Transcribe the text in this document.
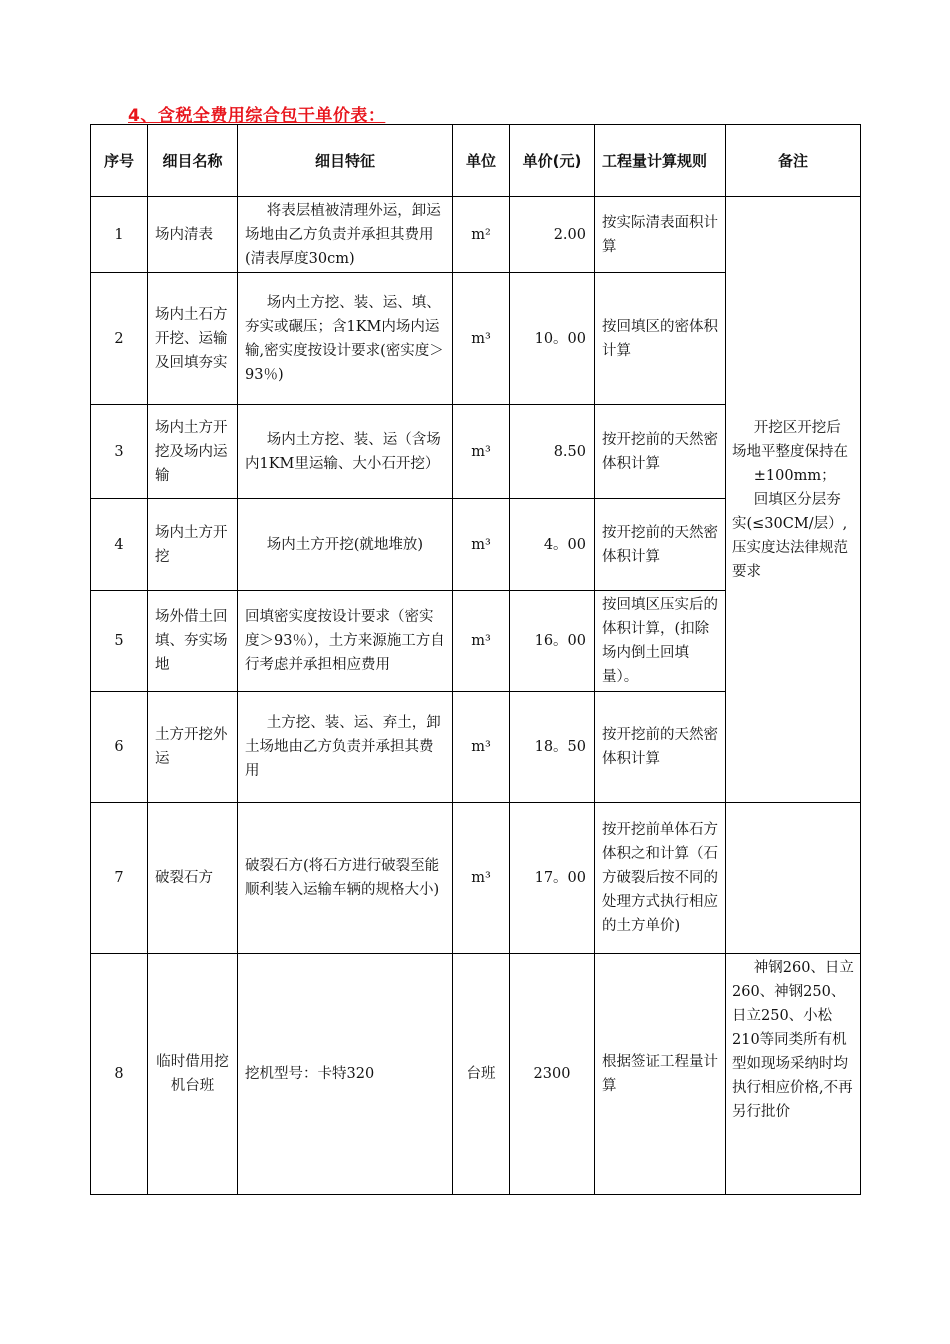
4、含税全费用综合包干单价表：
序号	细目名称	细目特征	单位	单价(元)	工程量计算规则	备注
1	场内清表	将表层植被清理外运，卸运场地由乙方负责并承担其费用(清表厚度30cm)	m²	2.00	按实际清表面积计算	开挖区开挖后场地平整度保持在
±100mm；
回填区分层夯实(≤30CM/层）,压实度达法律规范要求

2	场内土石方开挖、运输及回填夯实	场内土方挖、装、运、填、夯实或碾压；含1KM内场内运输,密实度按设计要求(密实度＞93％)	m³	10。00	按回填区的密体积计算	
3	场内土方开挖及场内运输	场内土方挖、装、运（含场内1KM里运输、大小石开挖）	m³	8.50	按开挖前的天然密体积计算	
4	场内土方开挖	场内土方开挖(就地堆放)	m³	4。00	按开挖前的天然密体积计算	
5	场外借土回填、夯实场地	回填密实度按设计要求（密实度＞93％），土方来源施工方自行考虑并承担相应费用	m³	16。00	按回填区压实后的体积计算，(扣除场内倒土回填量）。	
6	土方开挖外运	土方挖、装、运、弃土，卸土场地由乙方负责并承担其费用	m³	18。50	按开挖前的天然密体积计算	
7	破裂石方	破裂石方(将石方进行破裂至能顺利装入运输车辆的规格大小)	m³	17。00	按开挖前单体石方体积之和计算（石方破裂后按不同的处理方式执行相应的土方单价)	
8	临时借用挖机台班	挖机型号：卡特320	台班	2300	根据签证工程量计算	神钢260、日立260、神钢250、日立250、小松210等同类所有机型如现场采纳时均执行相应价格,不再另行批价
